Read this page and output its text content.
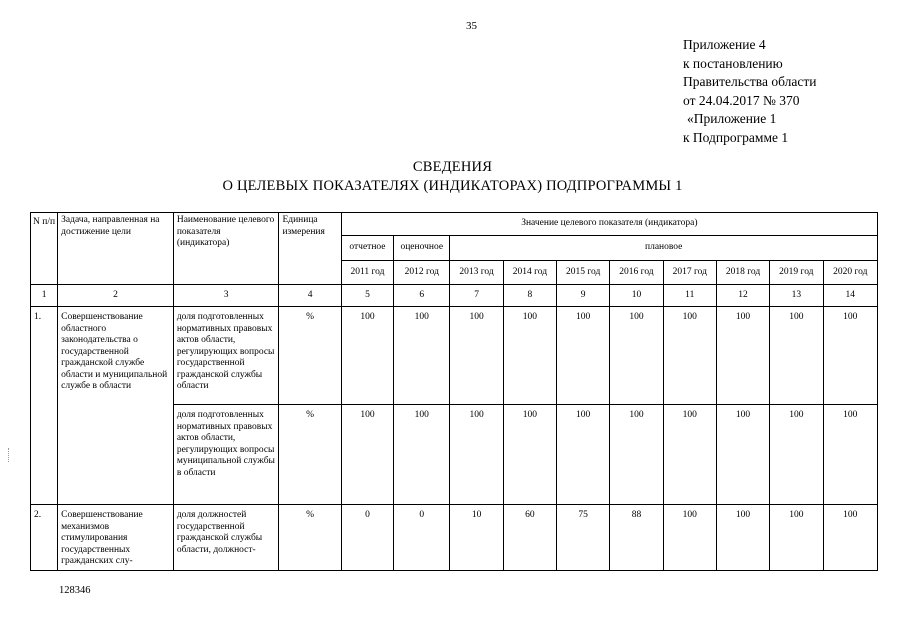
35
Приложение 4
к постановлению
Правительства области
от 24.04.2017 № 370
«Приложение 1
к Подпрограмме 1
СВЕДЕНИЯ
О ЦЕЛЕВЫХ ПОКАЗАТЕЛЯХ (ИНДИКАТОРАХ) ПОДПРОГРАММЫ 1
N п/п	Задача, направленная на достижение цели	Наименование целевого показателя (индикатора)	Единица измерения	Значение целевого показателя (индикатора)									
				отчетное	оценочное	плановое							
				2011 год	2012 год	2013 год	2014 год	2015 год	2016 год	2017 год	2018 год	2019 год	2020 год
1	2	3	4	5	6	7	8	9	10	11	12	13	14
1.	Совершенствование областного законодательства о государственной гражданской службе области и муниципальной службе в области	доля подготовленных нормативных правовых актов области, регулирующих вопросы государственной гражданской службы области	%	100	100	100	100	100	100	100	100	100	100
		доля подготовленных нормативных правовых актов области, регулирующих вопросы муниципальной службы в области	%	100	100	100	100	100	100	100	100	100	100
2.	Совершенствование механизмов стимулирования государственных гражданских слу-	доля должностей государственной гражданской службы области, должност-	%	0	0	10	60	75	88	100	100	100	100
128346
